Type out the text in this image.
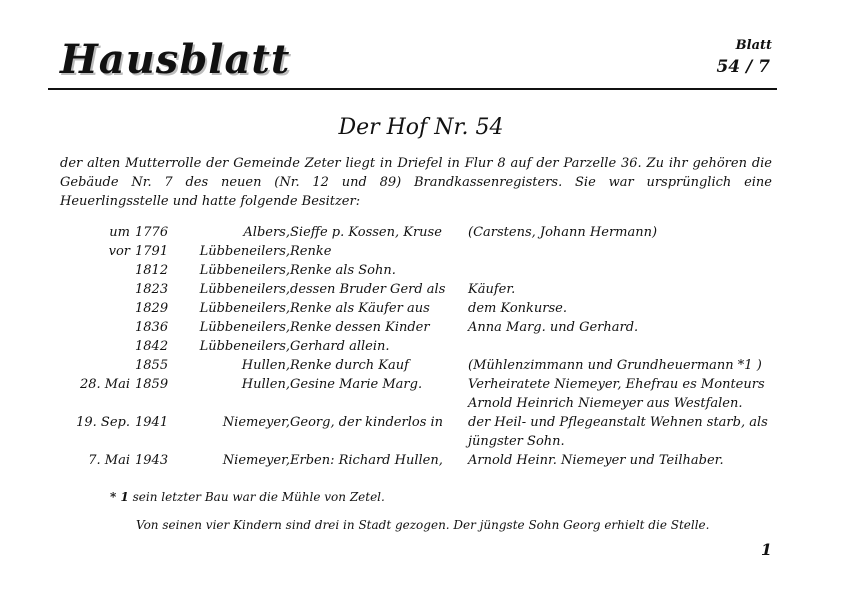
Hausblatt	Blatt
54 / 7
Der Hof Nr. 54
der alten Mutterrolle der Gemeinde Zeter liegt in Driefel in Flur 8 auf der Parzelle 36. Zu ihr gehören die Gebäude Nr. 7 des neuen (Nr. 12 und 89) Brandkassenregisters. Sie war ursprünglich eine Heuerlingsstelle und hatte folgende Besitzer:
um 1776	Albers, Sieffe p. Kossen, Kruse	(Carstens, Johann Hermann)
vor 1791	Lübbeneilers, Renke
1812	Lübbeneilers, Renke als Sohn.
1823	Lübbeneilers, dessen Bruder Gerd als	Käufer.
1829	Lübbeneilers, Renke als Käufer aus	dem Konkurse.
1836	Lübbeneilers, Renke dessen Kinder	Anna Marg. und Gerhard.
1842	Lübbeneilers, Gerhard allein.
1855	Hullen, Renke durch Kauf	(Mühlenzimmann und Grundheuermann *1 )
28. Mai 1859	Hullen, Gesine Marie Marg.	Verheiratete Niemeyer, Ehefrau es Monteurs Arnold Heinrich Niemeyer aus Westfalen.
19. Sep. 1941	Niemeyer, Georg, der kinderlos in	der Heil- und Pflegeanstalt Wehnen starb, als jüngster Sohn.
7. Mai 1943	Niemeyer, Erben: Richard Hullen,	Arnold Heinr. Niemeyer und Teilhaber.
* 1 sein letzter Bau war die Mühle von Zetel.
Von seinen vier Kindern sind drei in Stadt gezogen. Der jüngste Sohn Georg erhielt die Stelle.
1
